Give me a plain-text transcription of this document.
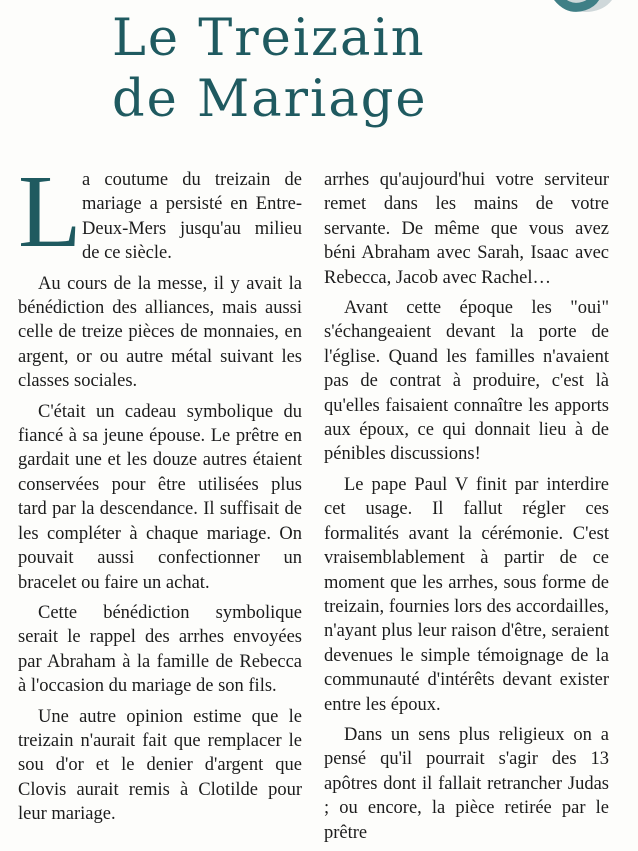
Le Treizain
de Mariage

La coutume du treizain de mariage a persisté en Entre-Deux-Mers jusqu'au milieu de ce siècle.

Au cours de la messe, il y avait la bénédiction des alliances, mais aussi celle de treize pièces de monnaies, en argent, or ou autre métal suivant les classes sociales.

C'était un cadeau symbolique du fiancé à sa jeune épouse. Le prêtre en gardait une et les douze autres étaient conservées pour être utilisées plus tard par la descendance. Il suffisait de les compléter à chaque mariage. On pouvait aussi confectionner un bracelet ou faire un achat.

Cette bénédiction symbolique serait le rappel des arrhes envoyées par Abraham à la famille de Rebecca à l'occasion du mariage de son fils.

Une autre opinion estime que le treizain n'aurait fait que remplacer le sou d'or et le denier d'argent que Clovis aurait remis à Clotilde pour leur mariage.

arrhes qu'aujourd'hui votre serviteur remet dans les mains de votre servante. De même que vous avez béni Abraham avec Sarah, Isaac avec Rebecca, Jacob avec Rachel…

Avant cette époque les "oui" s'échangeaient devant la porte de l'église. Quand les familles n'avaient pas de contrat à produire, c'est là qu'elles faisaient connaître les apports aux époux, ce qui donnait lieu à de pénibles discussions!

Le pape Paul V finit par interdire cet usage. Il fallut régler ces formalités avant la cérémonie. C'est vraisemblablement à partir de ce moment que les arrhes, sous forme de treizain, fournies lors des accordailles, n'ayant plus leur raison d'être, seraient devenues le simple témoignage de la communauté d'intérêts devant exister entre les époux.

Dans un sens plus religieux on a pensé qu'il pourrait s'agir des 13 apôtres dont il fallait retrancher Judas ; ou encore, la pièce retirée par le prêtre
